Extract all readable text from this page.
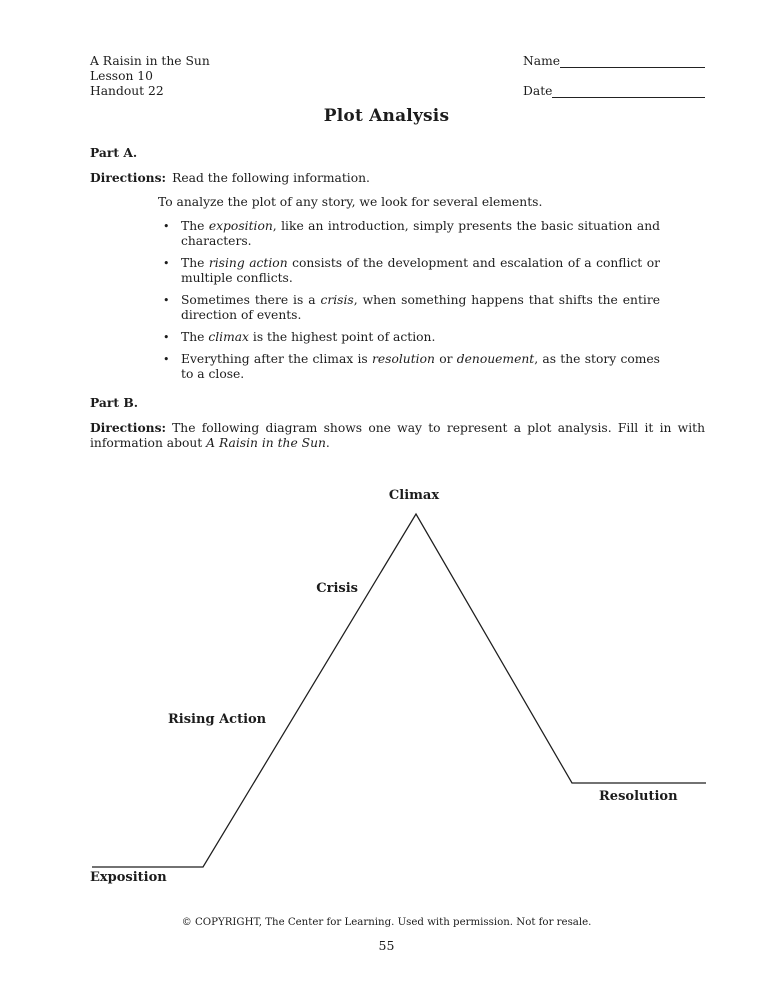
A Raisin in the Sun
Lesson 10
Handout 22
Name
Date
Plot Analysis
Part A.
Directions: Read the following information.
To analyze the plot of any story, we look for several elements.
• The exposition, like an introduction, simply presents the basic situation and characters.
• The rising action consists of the development and escalation of a conflict or multiple conflicts.
• Sometimes there is a crisis, when something happens that shifts the entire direction of events.
• The climax is the highest point of action.
• Everything after the climax is resolution or denouement, as the story comes to a close.
Part B.
Directions: The following diagram shows one way to represent a plot analysis. Fill it in with information about A Raisin in the Sun.
Climax
Crisis
Rising Action
Resolution
Exposition
© COPYRIGHT, The Center for Learning. Used with permission. Not for resale.
55
